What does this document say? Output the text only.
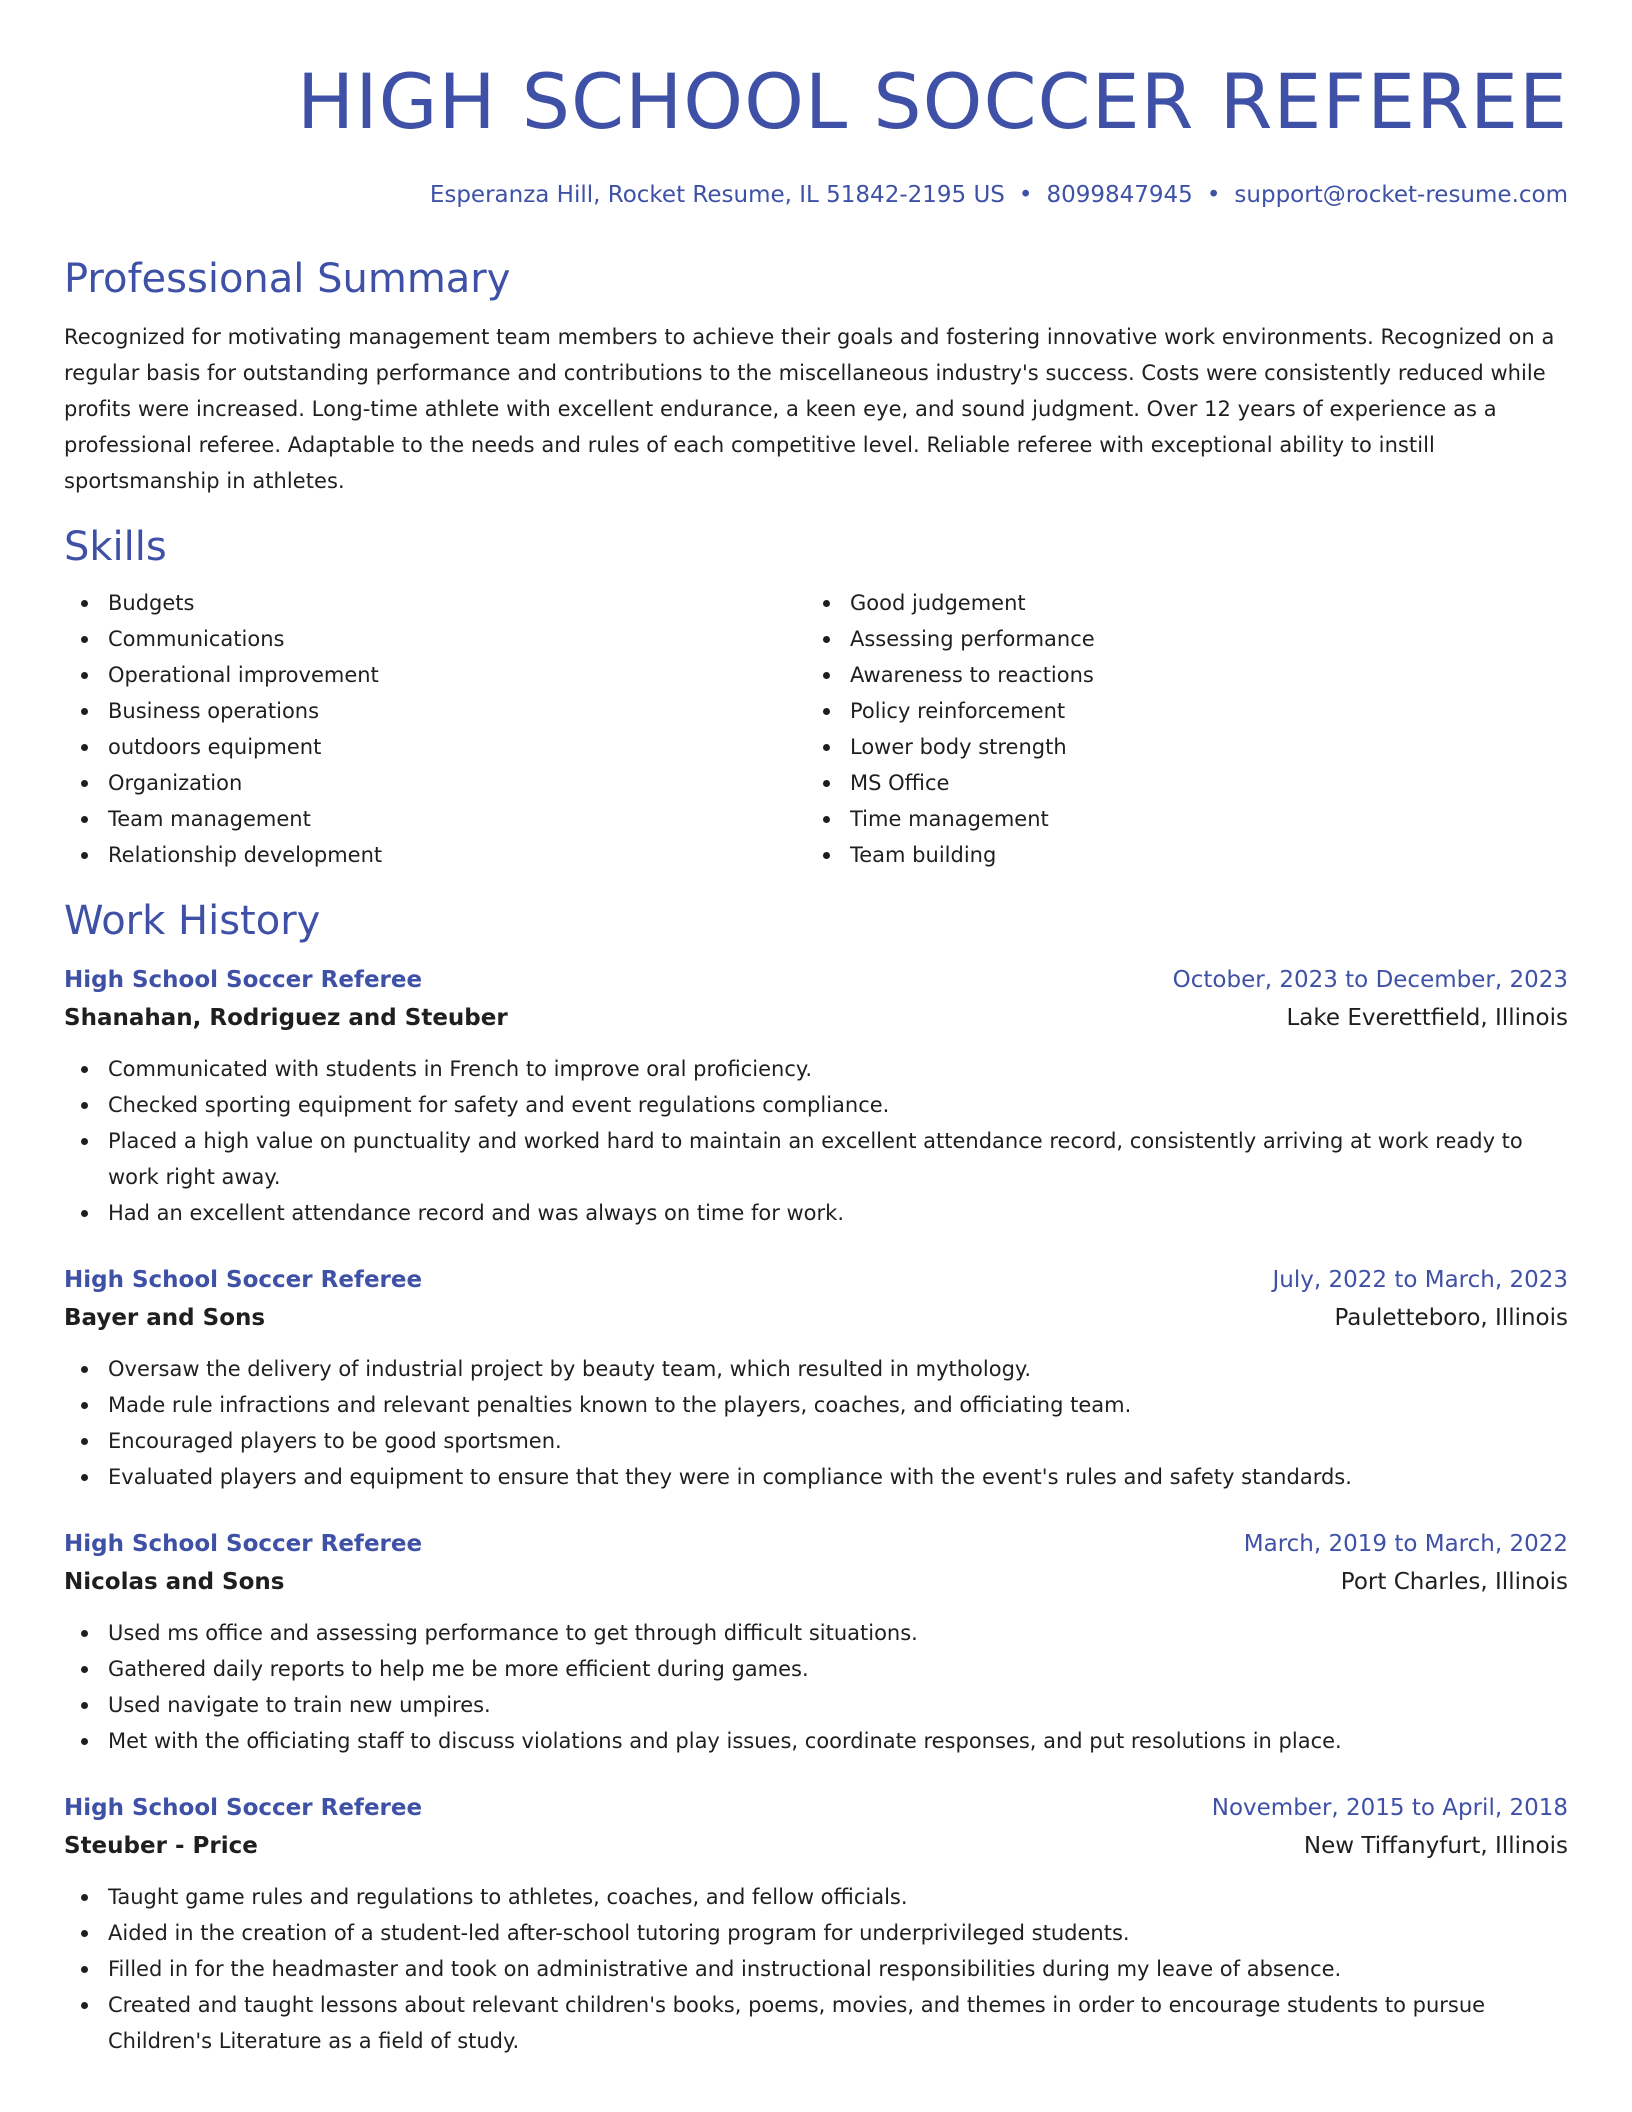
HIGH SCHOOL SOCCER REFEREE
Esperanza Hill, Rocket Resume, IL 51842-2195 US • 8099847945 • support@rocket-resume.com
Professional Summary
Recognized for motivating management team members to achieve their goals and fostering innovative work environments. Recognized on a regular basis for outstanding performance and contributions to the miscellaneous industry's success. Costs were consistently reduced while profits were increased. Long-time athlete with excellent endurance, a keen eye, and sound judgment. Over 12 years of experience as a professional referee. Adaptable to the needs and rules of each competitive level. Reliable referee with exceptional ability to instill sportsmanship in athletes.
Skills
Budgets
Communications
Operational improvement
Business operations
outdoors equipment
Organization
Team management
Relationship development
Good judgement
Assessing performance
Awareness to reactions
Policy reinforcement
Lower body strength
MS Office
Time management
Team building
Work History
High School Soccer Referee	October, 2023 to December, 2023
Shanahan, Rodriguez and Steuber	Lake Everettfield, Illinois
Communicated with students in French to improve oral proficiency.
Checked sporting equipment for safety and event regulations compliance.
Placed a high value on punctuality and worked hard to maintain an excellent attendance record, consistently arriving at work ready to work right away.
Had an excellent attendance record and was always on time for work.
High School Soccer Referee	July, 2022 to March, 2023
Bayer and Sons	Pauletteboro, Illinois
Oversaw the delivery of industrial project by beauty team, which resulted in mythology.
Made rule infractions and relevant penalties known to the players, coaches, and officiating team.
Encouraged players to be good sportsmen.
Evaluated players and equipment to ensure that they were in compliance with the event's rules and safety standards.
High School Soccer Referee	March, 2019 to March, 2022
Nicolas and Sons	Port Charles, Illinois
Used ms office and assessing performance to get through difficult situations.
Gathered daily reports to help me be more efficient during games.
Used navigate to train new umpires.
Met with the officiating staff to discuss violations and play issues, coordinate responses, and put resolutions in place.
High School Soccer Referee	November, 2015 to April, 2018
Steuber - Price	New Tiffanyfurt, Illinois
Taught game rules and regulations to athletes, coaches, and fellow officials.
Aided in the creation of a student-led after-school tutoring program for underprivileged students.
Filled in for the headmaster and took on administrative and instructional responsibilities during my leave of absence.
Created and taught lessons about relevant children's books, poems, movies, and themes in order to encourage students to pursue Children's Literature as a field of study.
